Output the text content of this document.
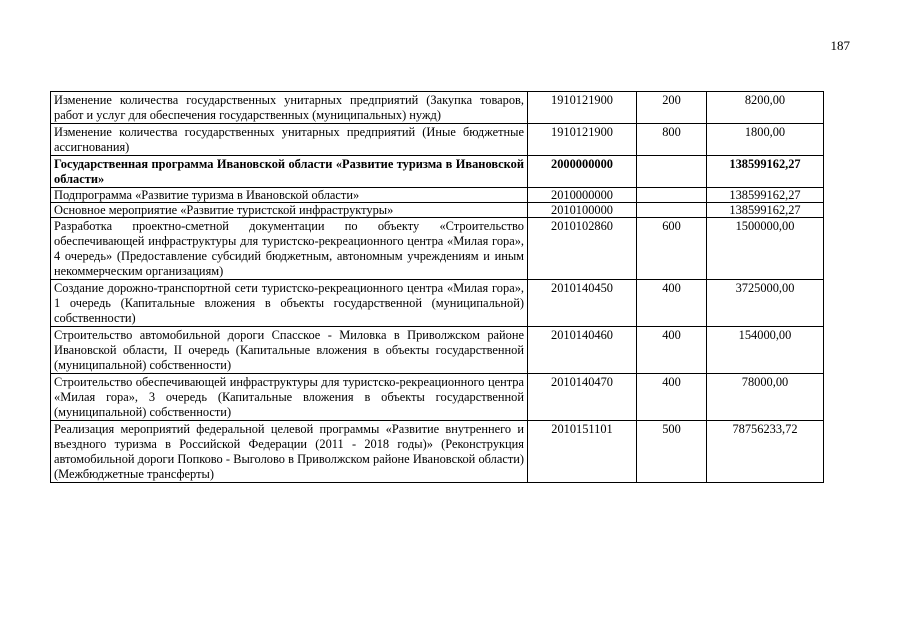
187
Изменение количества государственных унитарных предприятий (Закупка товаров, работ и услуг для обеспечения государственных (муниципальных) нужд)	1910121900	200	8200,00
Изменение количества государственных унитарных предприятий (Иные бюджетные ассигнования)	1910121900	800	1800,00
Государственная программа Ивановской области «Развитие туризма в Ивановской области»	2000000000		138599162,27
Подпрограмма «Развитие туризма в Ивановской области»	2010000000		138599162,27
Основное мероприятие «Развитие туристской инфраструктуры»	2010100000		138599162,27
Разработка проектно-сметной документации по объекту «Строительство обеспечивающей инфраструктуры для туристско-рекреационного центра «Милая гора», 4 очередь» (Предоставление субсидий бюджетным, автономным учреждениям и иным некоммерческим организациям)	2010102860	600	1500000,00
Создание дорожно-транспортной сети туристско-рекреационного центра «Милая гора», 1 очередь (Капитальные вложения в объекты государственной (муниципальной) собственности)	2010140450	400	3725000,00
Строительство автомобильной дороги Спасское - Миловка в Приволжском районе Ивановской области, II очередь (Капитальные вложения в объекты государственной (муниципальной) собственности)	2010140460	400	154000,00
Строительство обеспечивающей инфраструктуры для туристско-рекреационного центра «Милая гора», 3 очередь (Капитальные вложения в объекты государственной (муниципальной) собственности)	2010140470	400	78000,00
Реализация мероприятий федеральной целевой программы «Развитие внутреннего и въездного туризма в Российской Федерации (2011 - 2018 годы)» (Реконструкция автомобильной дороги Попково - Выголово в Приволжском районе Ивановской области) (Межбюджетные трансферты)	2010151101	500	78756233,72
